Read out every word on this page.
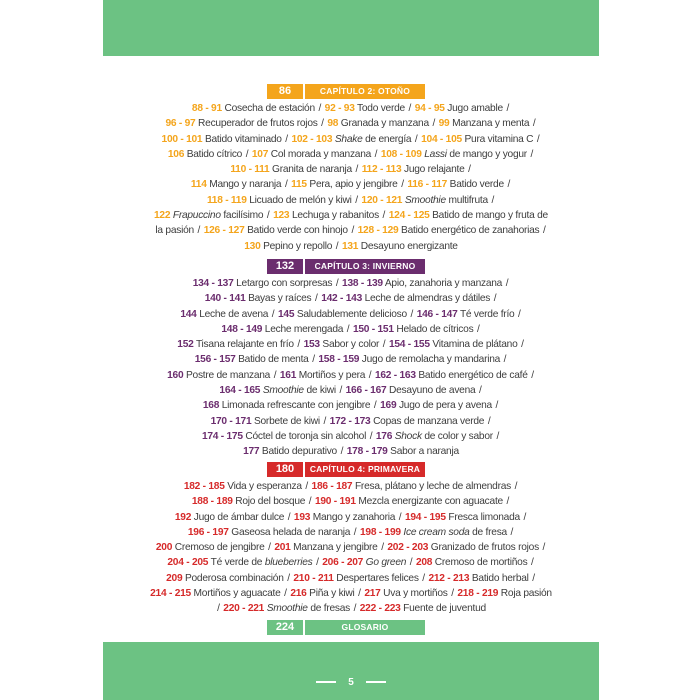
86	CAPÍTULO 2: OTOÑO
88 - 91 Cosecha de estación / 92 - 93 Todo verde / 94 - 95 Jugo amable /
96 - 97 Recuperador de frutos rojos / 98 Granada y manzana / 99 Manzana y menta /
100 - 101 Batido vitaminado / 102 - 103 Shake de energía / 104 - 105 Pura vitamina C /
106 Batido cítrico / 107 Col morada y manzana / 108 - 109 Lassi de mango y yogur /
110 - 111 Granita de naranja / 112 - 113 Jugo relajante /
114 Mango y naranja / 115 Pera, apio y jengibre / 116 - 117 Batido verde /
118 - 119 Licuado de melón y kiwi / 120 - 121 Smoothie multifruta /
122 Frapuccino facilísimo / 123 Lechuga y rabanitos / 124 - 125 Batido de mango y fruta de
la pasión / 126 - 127 Batido verde con hinojo / 128 - 129 Batido energético de zanahorias /
130 Pepino y repollo / 131 Desayuno energizante
132	CAPÍTULO 3: INVIERNO
134 - 137 Letargo con sorpresas / 138 - 139 Apio, zanahoria y manzana /
140 - 141 Bayas y raíces / 142 - 143 Leche de almendras y dátiles /
144 Leche de avena / 145 Saludablemente delicioso / 146 - 147 Té verde frío /
148 - 149 Leche merengada / 150 - 151 Helado de cítricos /
152 Tisana relajante en frío / 153 Sabor y color / 154 - 155 Vitamina de plátano /
156 - 157 Batido de menta / 158 - 159 Jugo de remolacha y mandarina /
160 Postre de manzana / 161 Mortiños y pera / 162 - 163 Batido energético de café /
164 - 165 Smoothie de kiwi / 166 - 167 Desayuno de avena /
168 Limonada refrescante con jengibre / 169 Jugo de pera y avena /
170 - 171 Sorbete de kiwi / 172 - 173 Copas de manzana verde /
174 - 175 Cóctel de toronja sin alcohol / 176 Shock de color y sabor /
177 Batido depurativo / 178 - 179 Sabor a naranja
180	CAPÍTULO 4: PRIMAVERA
182 - 185 Vida y esperanza / 186 - 187 Fresa, plátano y leche de almendras /
188 - 189 Rojo del bosque / 190 - 191 Mezcla energizante con aguacate /
192 Jugo de ámbar dulce / 193 Mango y zanahoria / 194 - 195 Fresca limonada /
196 - 197 Gaseosa helada de naranja / 198 - 199 Ice cream soda de fresa /
200 Cremoso de jengibre / 201 Manzana y jengibre / 202 - 203 Granizado de frutos rojos /
204 - 205 Té verde de blueberries / 206 - 207 Go green / 208 Cremoso de mortiños /
209 Poderosa combinación / 210 - 211 Despertares felices / 212 - 213 Batido herbal /
214 - 215 Mortiños y aguacate / 216 Piña y kiwi / 217 Uva y mortiños / 218 - 219 Roja pasión
/ 220 - 221 Smoothie de fresas / 222 - 223 Fuente de juventud
224	GLOSARIO
5
